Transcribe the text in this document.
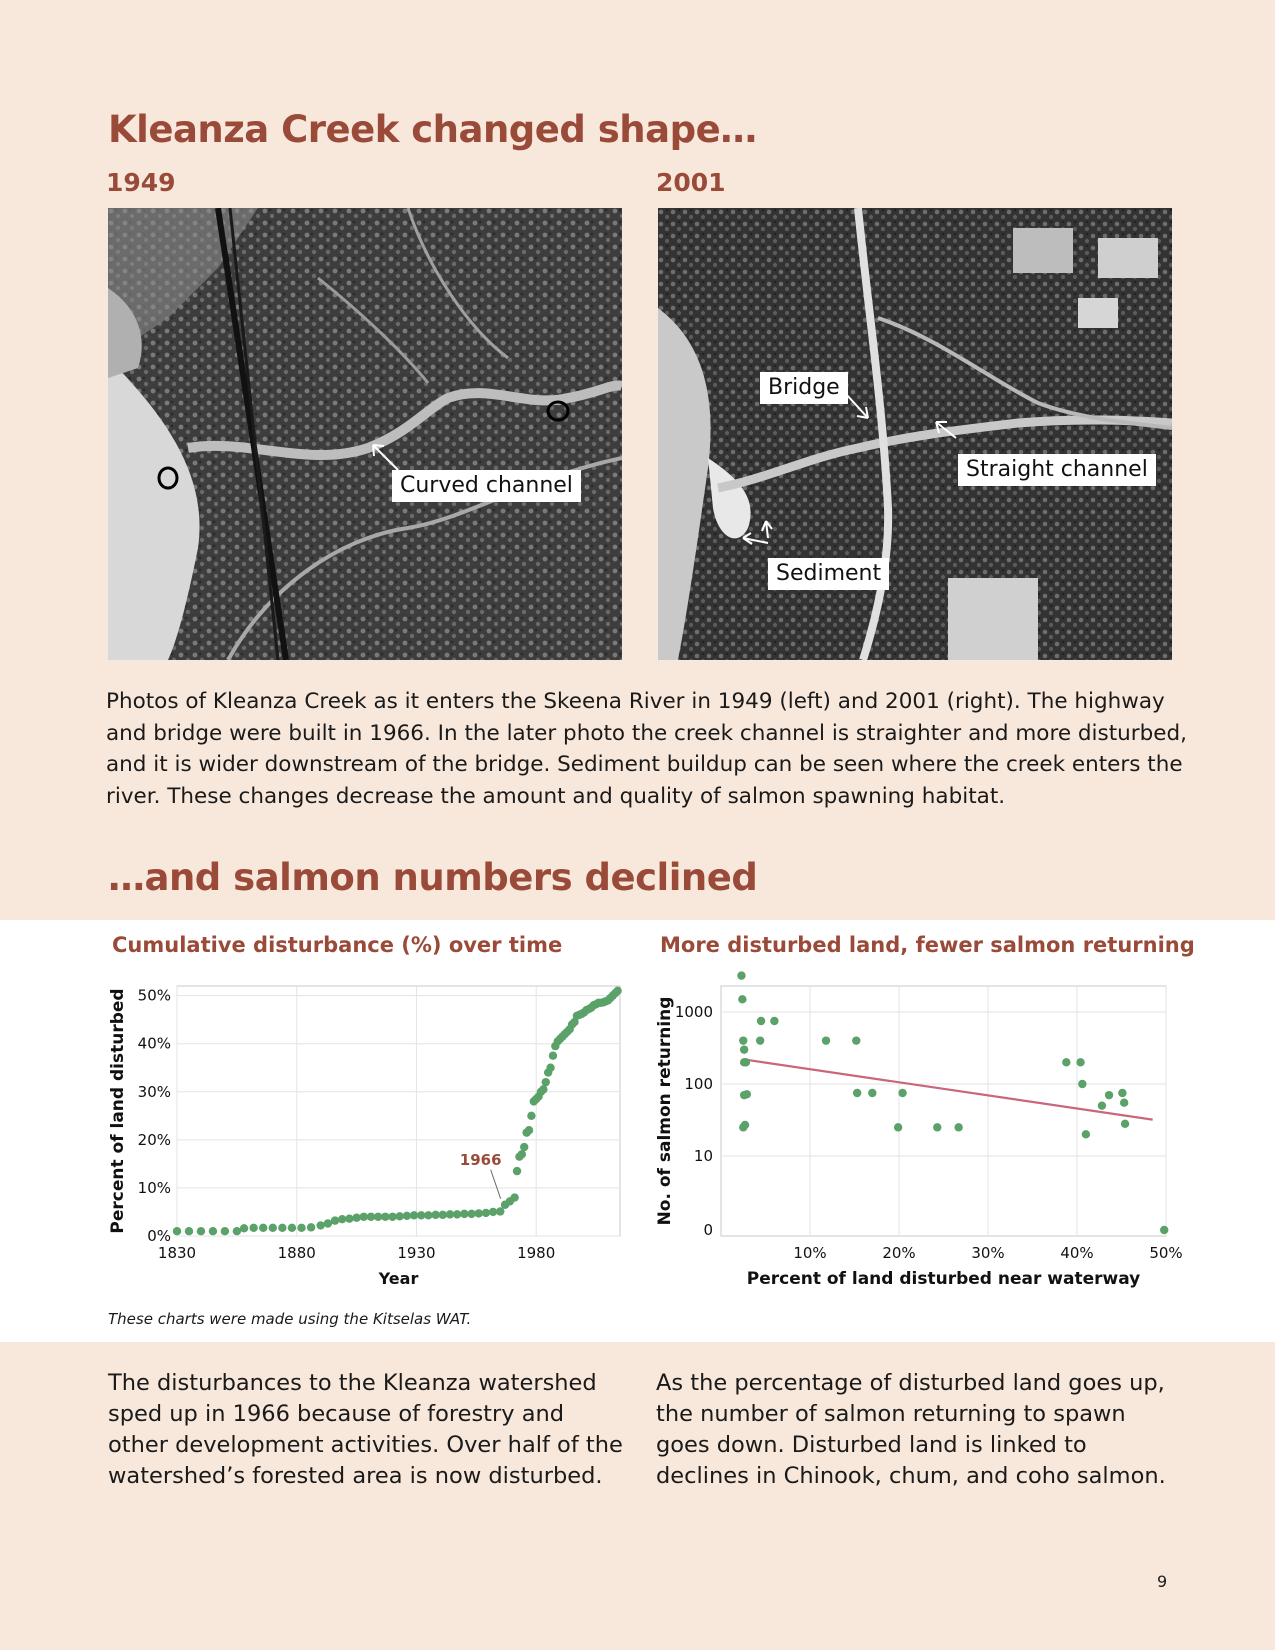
Kleanza Creek changed shape…
1949	2001
Curved channel
Bridge
Straight channel
Sediment

Photos of Kleanza Creek as it enters the Skeena River in 1949 (left) and 2001 (right). The highway and bridge were built in 1966. In the later photo the creek channel is straighter and more disturbed, and it is wider downstream of the bridge. Sediment buildup can be seen where the creek enters the river. These changes decrease the amount and quality of salmon spawning habitat.

…and salmon numbers declined
Cumulative disturbance (%) over time	More disturbed land, fewer salmon returning
1830	1880	1930	1980
0%
10%
20%
30%
40%
50%
Year
Percent of land disturbed	1966
10%	20%	30%	40%	50%
0
10
100
1000
Percent of land disturbed near waterway
No. of salmon returning

These charts were made using the Kitselas WAT.

The disturbances to the Kleanza watershed sped up in 1966 because of forestry and other development activities. Over half of the watershed’s forested area is now disturbed.

As the percentage of disturbed land goes up, the number of salmon returning to spawn goes down. Disturbed land is linked to declines in Chinook, chum, and coho salmon.

9
